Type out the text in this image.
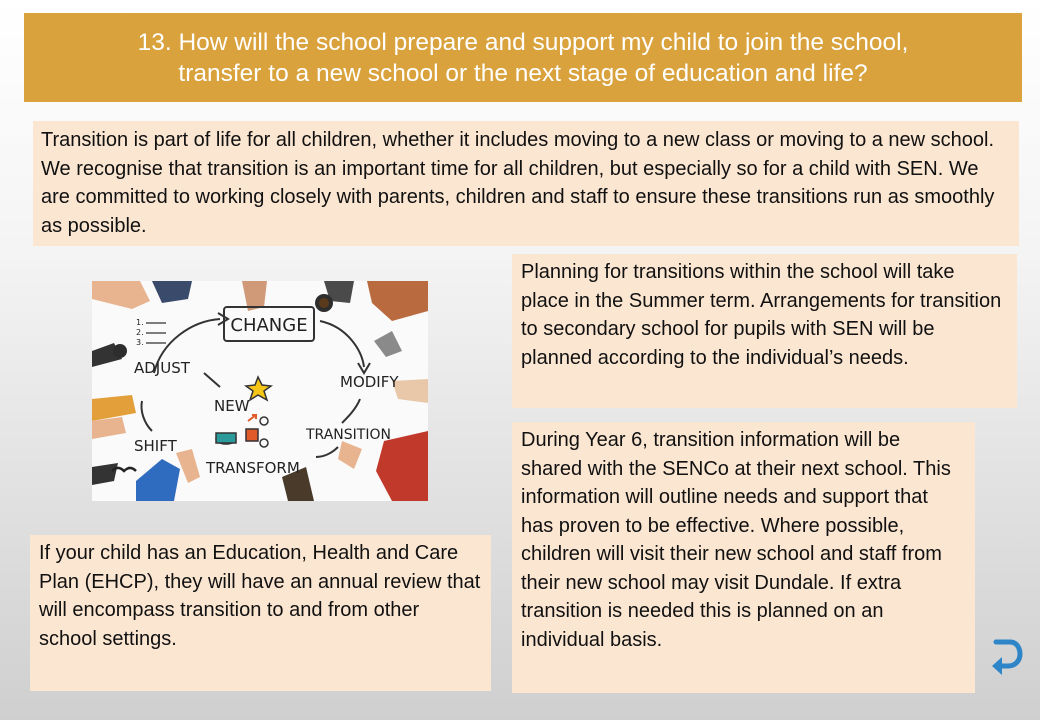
13. How will the school prepare and support my child to join the school,
transfer to a new school or the next stage of education and life?

Transition is part of life for all children, whether it includes moving to a new class or moving to a new school. We recognise that transition is an important time for all children, but especially so for a child with SEN. We are committed to working closely with parents, children and staff to ensure these transitions run as smoothly as possible.

CHANGE
ADJUST
MODIFY
NEW
SHIFT
TRANSITION
TRANSFORM
1.
2.
3.

Planning for transitions within the school will take place in the Summer term. Arrangements for transition to secondary school for pupils with SEN will be planned according to the individual’s needs.

During Year 6, transition information will be shared with the SENCo at their next school. This information will outline needs and support that has proven to be effective. Where possible, children will visit their new school and staff from their new school may visit Dundale. If extra transition is needed this is planned on an individual basis.

If your child has an Education, Health and Care Plan (EHCP), they will have an annual review that will encompass transition to and from other school settings.
